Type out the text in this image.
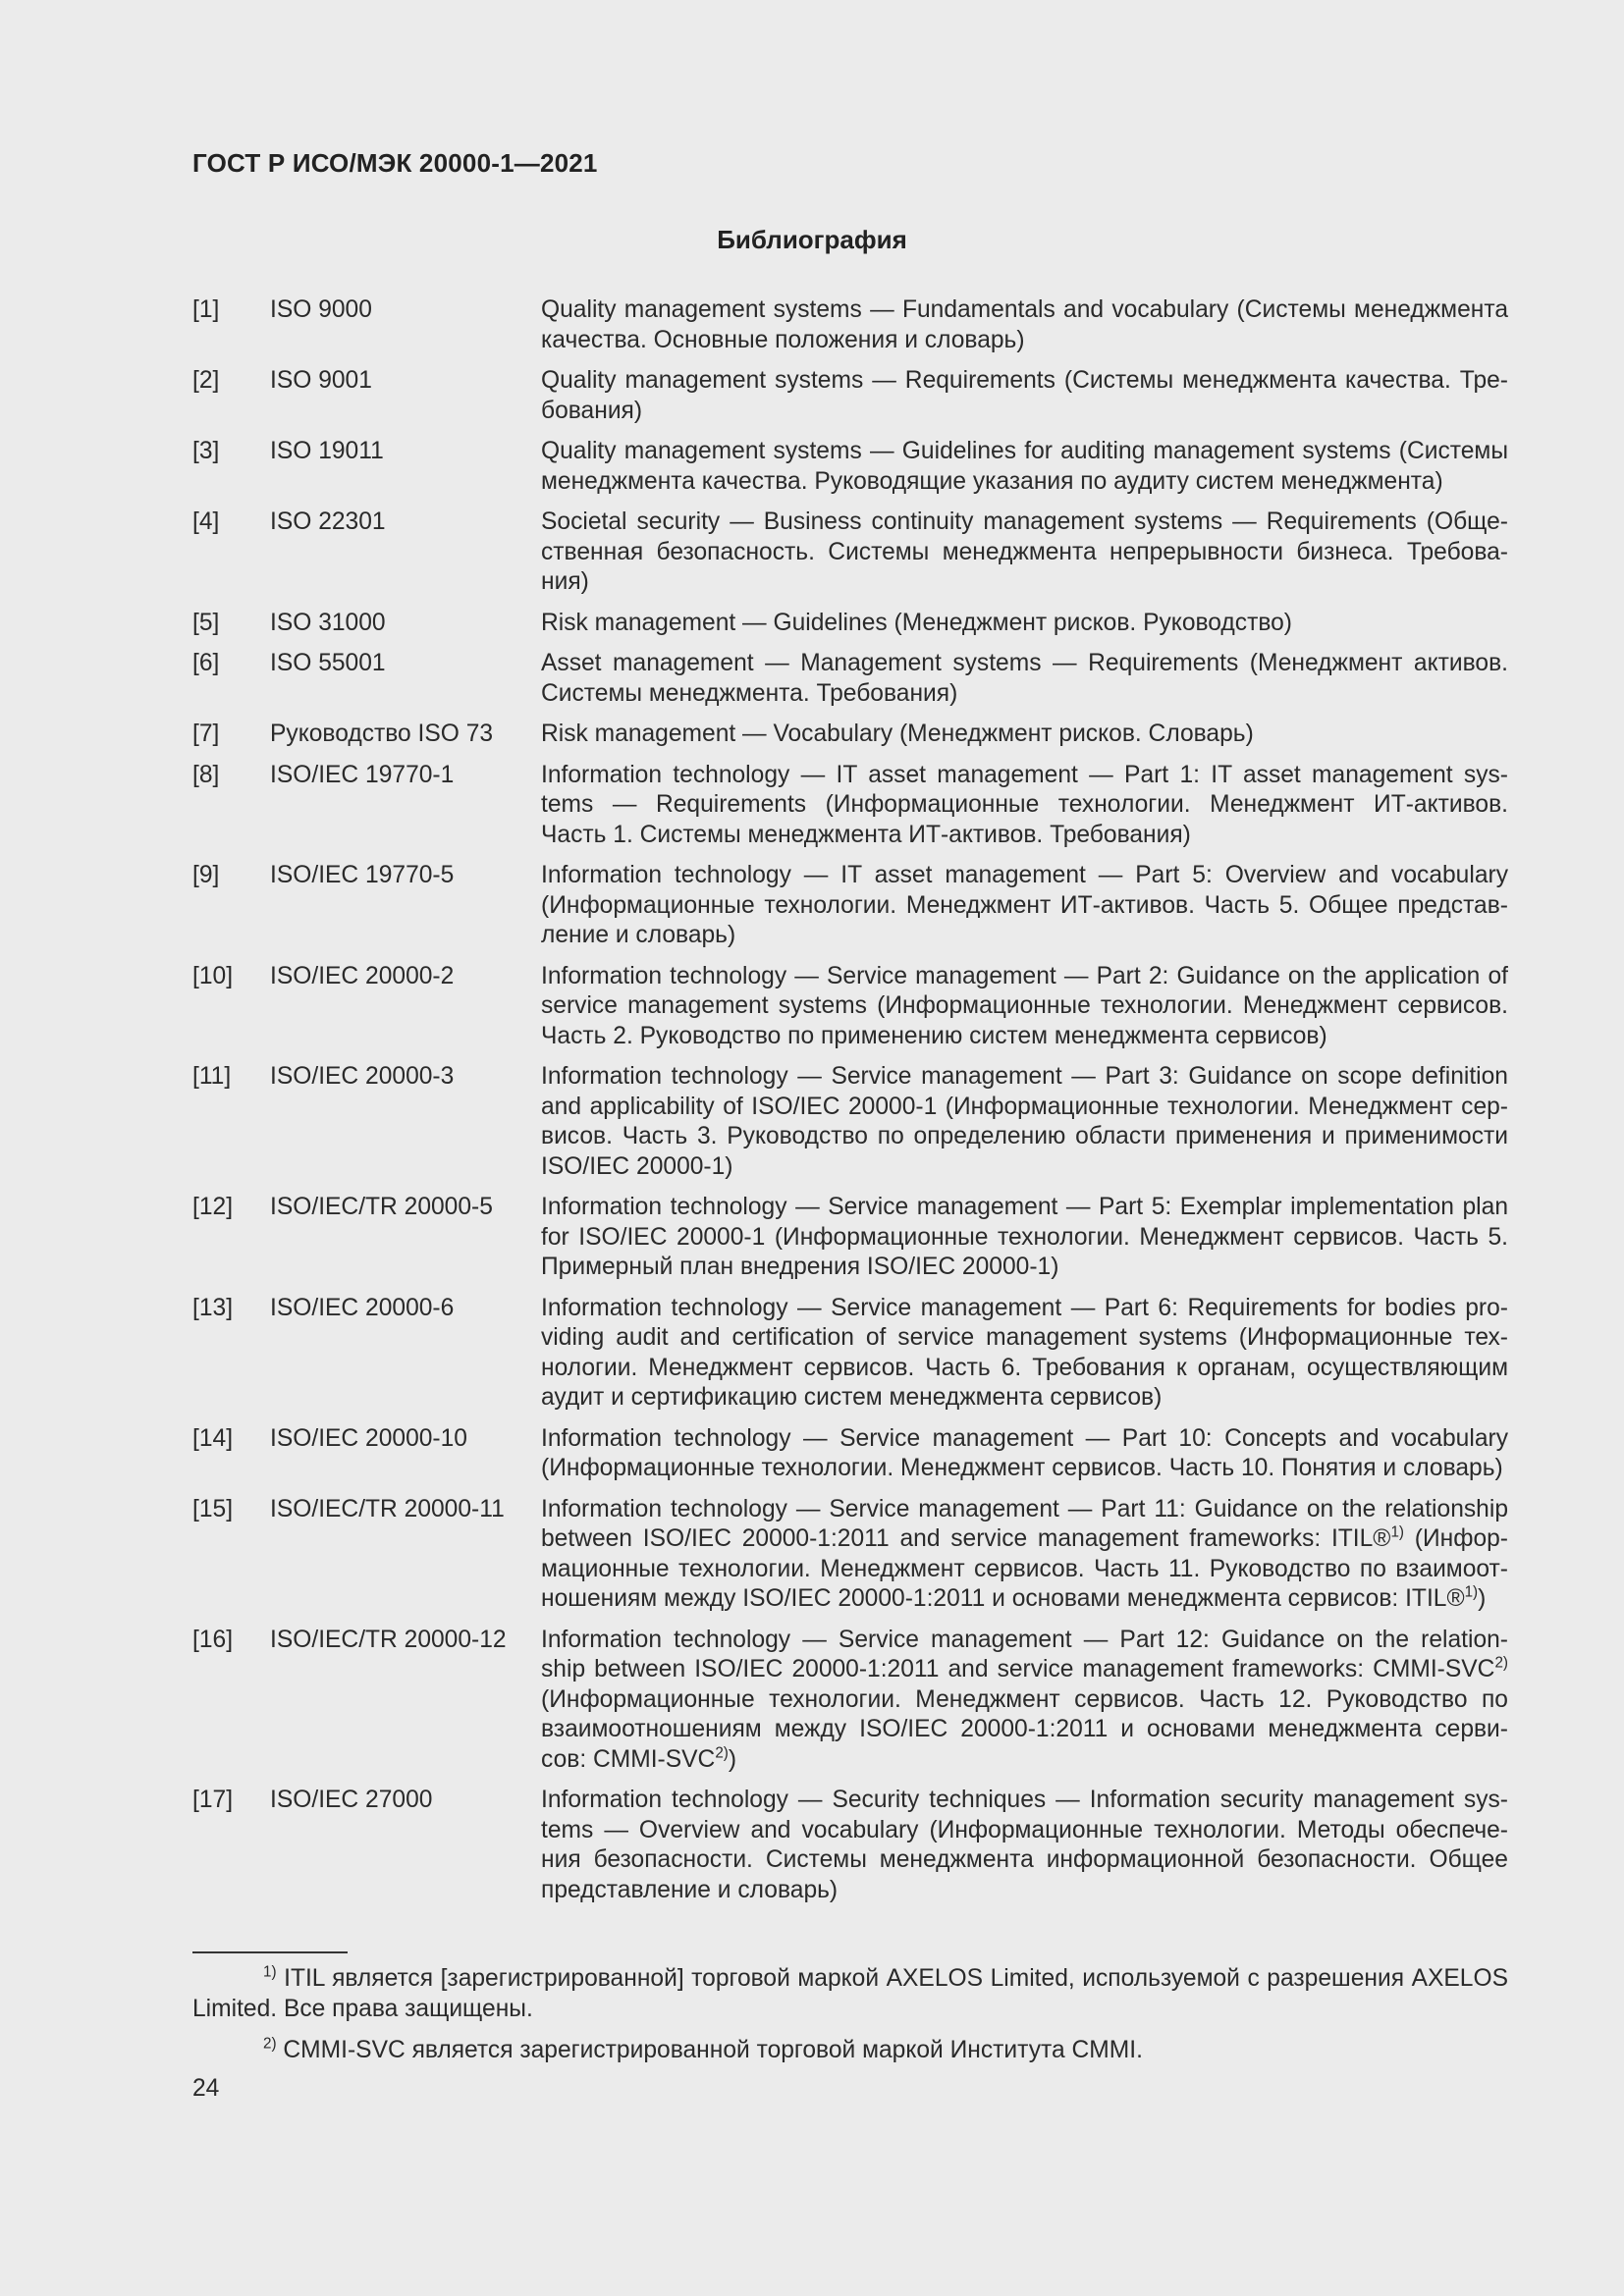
ГОСТ Р ИСО/МЭК 20000-1—2021
Библиография
[1] ISO 9000	Quality management systems — Fundamentals and vocabulary (Системы менеджмента
качества. Основные положения и словарь)
[2] ISO 9001	Quality management systems — Requirements (Системы менеджмента качества. Тре-
бования)
[3] ISO 19011	Quality management systems — Guidelines for auditing management systems (Системы
менеджмента качества. Руководящие указания по аудиту систем менеджмента)
[4] ISO 22301	Societal security — Business continuity management systems — Requirements (Обще-
ственная безопасность. Системы менеджмента непрерывности бизнеса. Требова-
ния)
[5] ISO 31000	Risk management — Guidelines (Менеджмент рисков. Руководство)
[6] ISO 55001	Asset management — Management systems — Requirements (Менеджмент активов.
Системы менеджмента. Требования)
[7] Руководство ISO 73 Risk management — Vocabulary (Менеджмент рисков. Словарь)
[8] ISO/IEC 19770-1	Information technology — IT asset management — Part 1: IT asset management sys-
tems — Requirements (Информационные технологии. Менеджмент ИТ-активов.
Часть 1. Системы менеджмента ИТ-активов. Требования)
[9] ISO/IEC 19770-5	Information technology — IT asset management — Part 5: Overview and vocabulary
(Информационные технологии. Менеджмент ИТ-активов. Часть 5. Общее представ-
ление и словарь)
[10] ISO/IEC 20000-2	Information technology — Service management — Part 2: Guidance on the application of
service management systems (Информационные технологии. Менеджмент сервисов.
Часть 2. Руководство по применению систем менеджмента сервисов)
[11] ISO/IEC 20000-3	Information technology — Service management — Part 3: Guidance on scope definition
and applicability of ISO/IEC 20000-1 (Информационные технологии. Менеджмент сер-
висов. Часть 3. Руководство по определению области применения и применимости
ISO/IEC 20000-1)
[12] ISO/IEC/TR 20000-5 Information technology — Service management — Part 5: Exemplar implementation plan
for ISO/IEC 20000-1 (Информационные технологии. Менеджмент сервисов. Часть 5.
Примерный план внедрения ISO/IEC 20000-1)
[13] ISO/IEC 20000-6	Information technology — Service management — Part 6: Requirements for bodies pro-
viding audit and certification of service management systems (Информационные тех-
нологии. Менеджмент сервисов. Часть 6. Требования к органам, осуществляющим
аудит и сертификацию систем менеджмента сервисов)
[14] ISO/IEC 20000-10	Information technology — Service management — Part 10: Concepts and vocabulary
(Информационные технологии. Менеджмент сервисов. Часть 10. Понятия и словарь)
[15] ISO/IEC/TR 20000-11 Information technology — Service management — Part 11: Guidance on the relationship
between ISO/IEC 20000-1:2011 and service management frameworks: ITIL®$^{1)}$ (Инфор-
мационные технологии. Менеджмент сервисов. Часть 11. Руководство по взаимоот-
ношениям между ISO/IEC 20000-1:2011 и основами менеджмента сервисов: ITIL®$^{1)}$)
[16] ISO/IEC/TR 20000-12 Information technology — Service management — Part 12: Guidance on the relation-
ship between ISO/IEC 20000-1:2011 and service management frameworks: CMMI-SVC$^{2)}$
(Информационные технологии. Менеджмент сервисов. Часть 12. Руководство по
взаимоотношениям между ISO/IEC 20000-1:2011 и основами менеджмента серви-
сов: CMMI-SVC$^{2)}$)
[17] ISO/IEC 27000	Information technology — Security techniques — Information security management sys-
tems — Overview and vocabulary (Информационные технологии. Методы обеспече-
ния безопасности. Системы менеджмента информационной безопасности. Общее
представление и словарь)
$^{1)}$ ITIL является [зарегистрированной] торговой маркой AXELOS Limited, используемой с разрешения AXELOS
Limited. Все права защищены.
$^{2)}$ CMMI-SVC является зарегистрированной торговой маркой Института CMMI.
24
